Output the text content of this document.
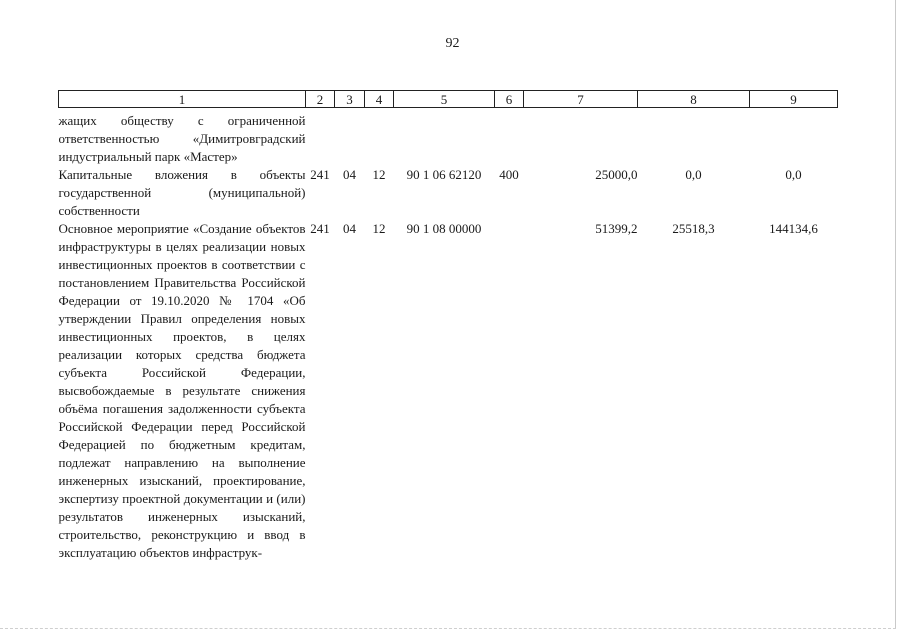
92
1	2	3	4	5	6	7	8	9

жащих обществу с ограниченной ответственностью «Димитровградский индустриальный парк «Мастер»								
Капитальные вложения в объекты государственной (муниципальной) собственности	241	04	12	90 1 06 62120	400	25000,0	0,0	0,0
Основное мероприятие «Создание объектов инфраструктуры в целях реализации новых инвестиционных проектов в соответствии с постановлением Правительства Российской Федерации от 19.10.2020 № 1704 «Об утверждении Правил определения новых инвестиционных проектов, в целях реализации которых средства бюджета субъекта Российской Федерации, высвобождаемые в результате снижения объёма погашения задолженности субъекта Российской Федерации перед Российской Федерацией по бюджетным кредитам, подлежат направлению на выполнение инженерных изысканий, проектирование, экспертизу проектной документации и (или) результатов инженерных изысканий, строительство, реконструкцию и ввод в эксплуатацию объектов инфраструк-	241	04	12	90 1 08 00000		51399,2	25518,3	144134,6
